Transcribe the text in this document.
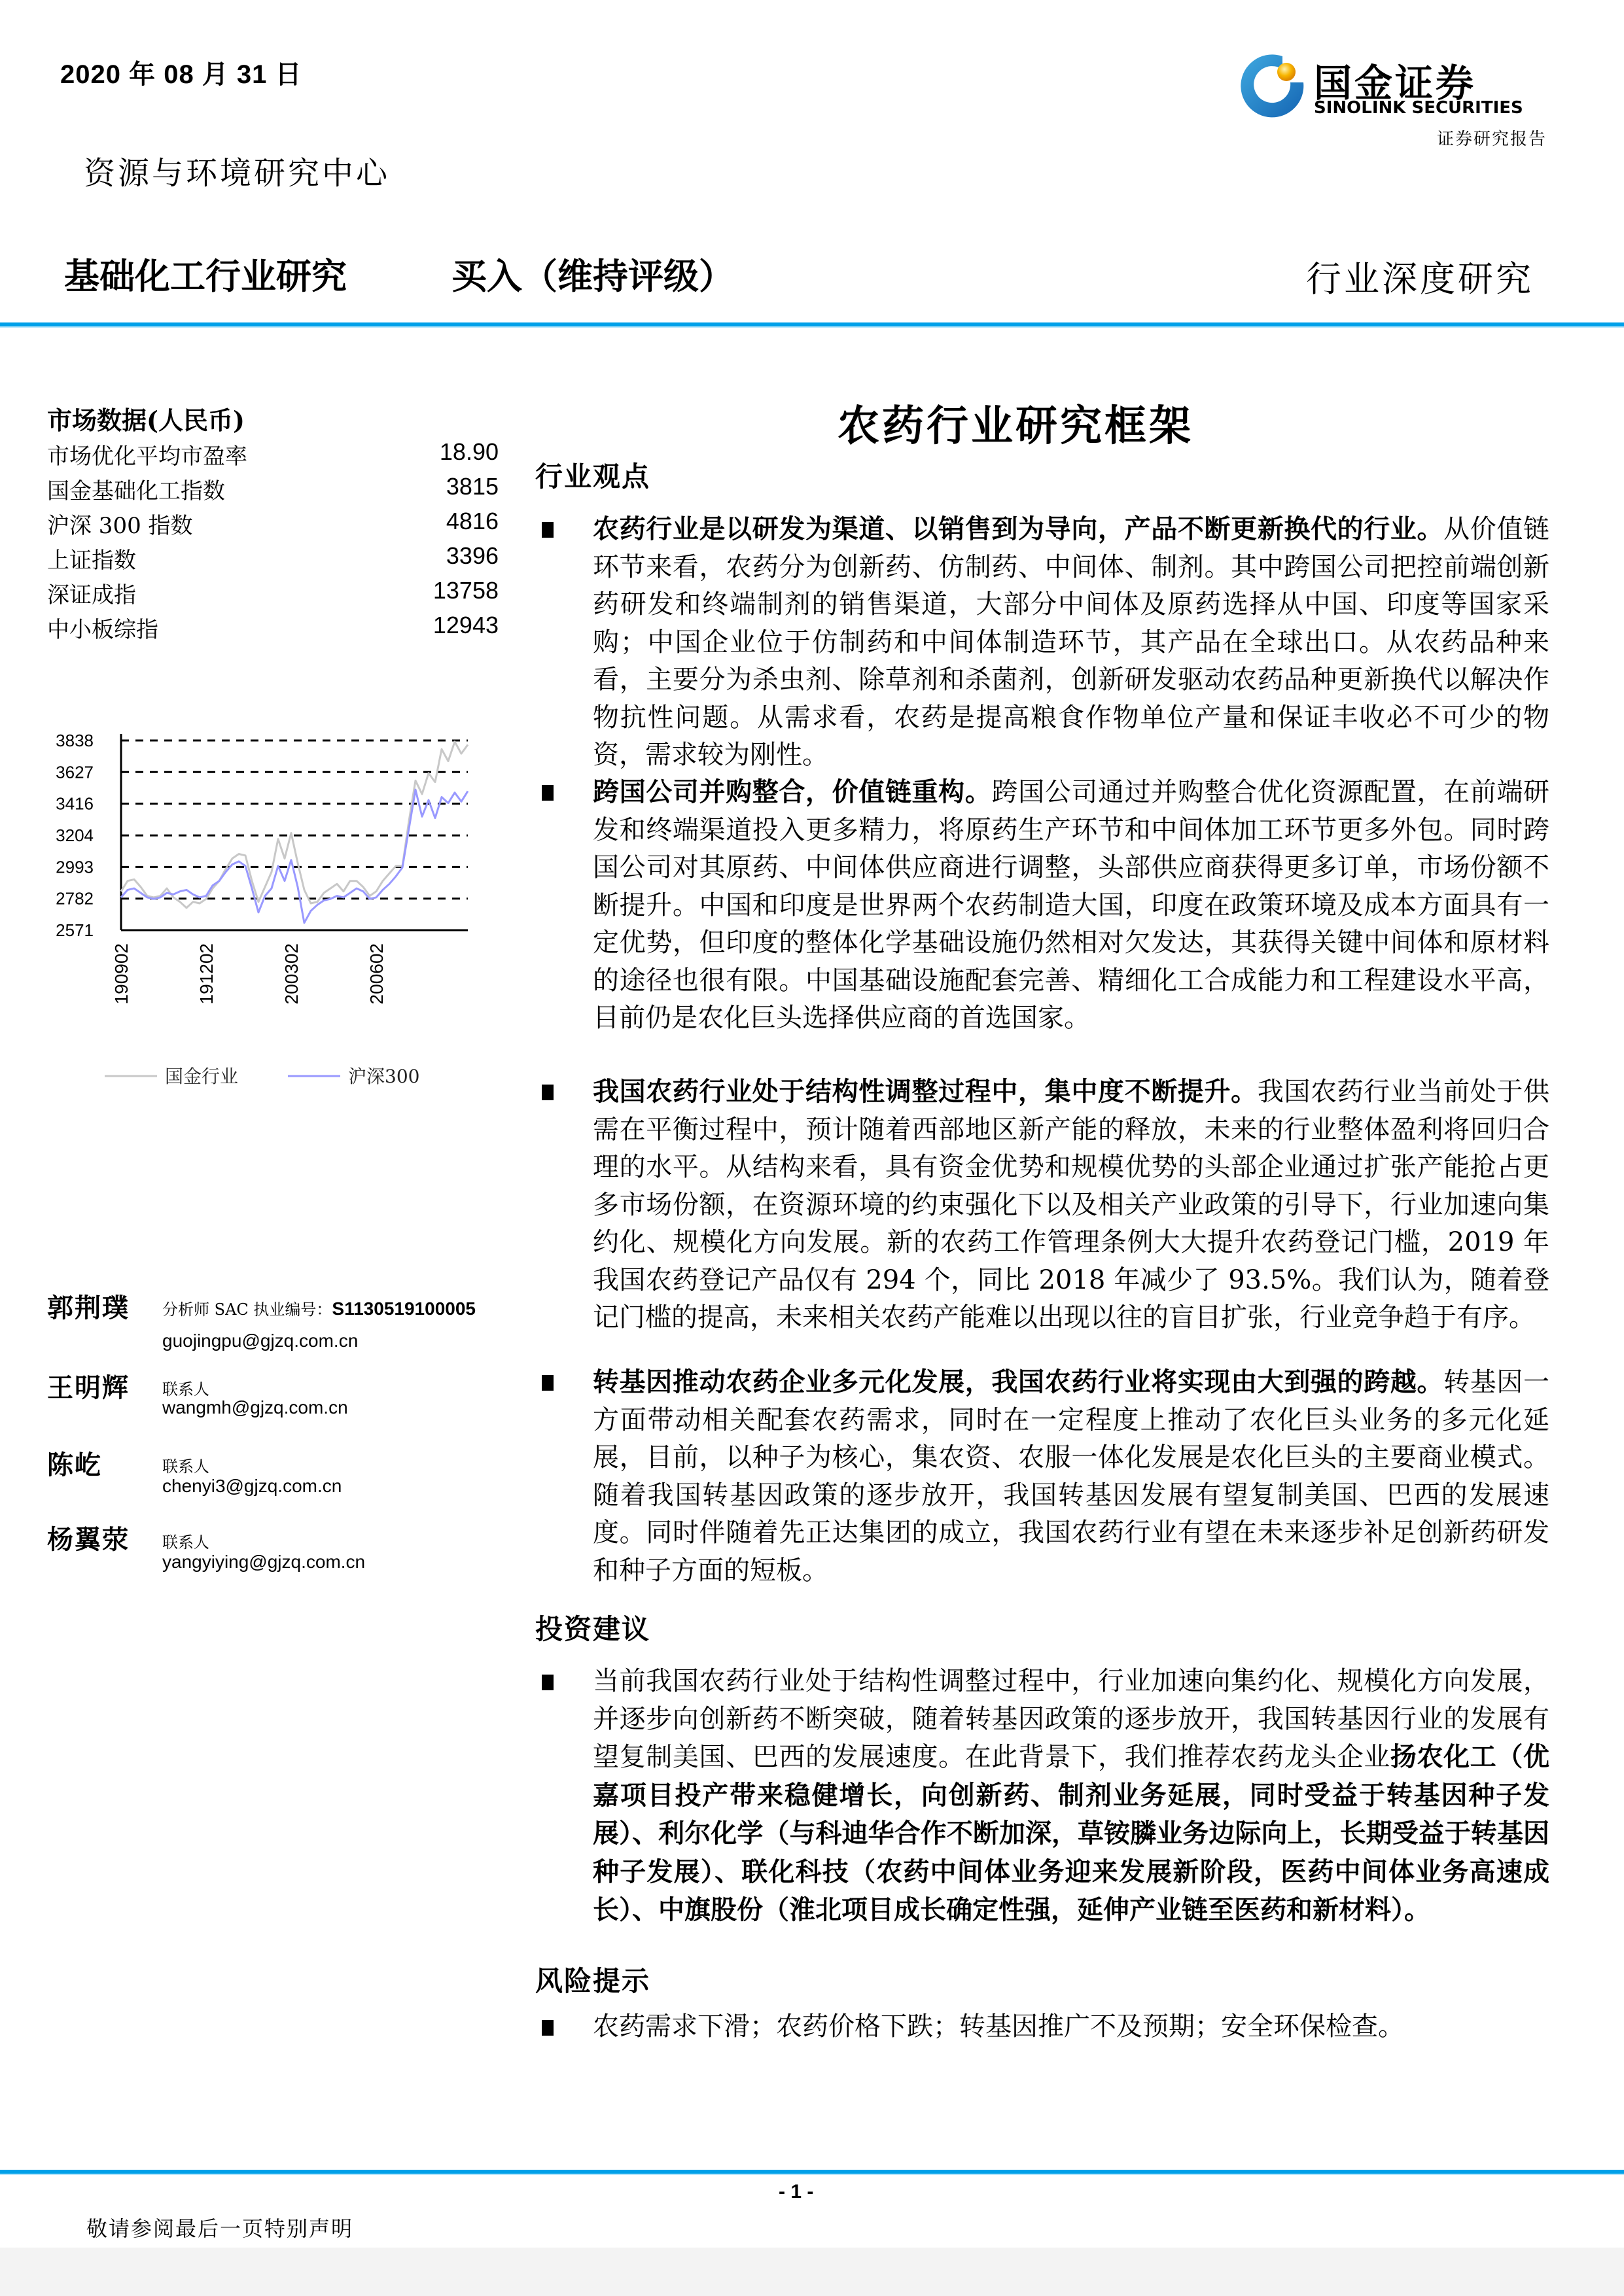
2020 年 08 月 31 日
资源与环境研究中心
基础化工行业研究	买入（维持评级）	行业深度研究
国金证券
SINOLINK SECURITIES
证券研究报告
市场数据(人民币)
市场优化平均市盈率	18.90
国金基础化工指数	3815
沪深 300 指数	4816
上证指数	3396
深证成指	13758
中小板综指	12943
3838
3627
3416
3204
2993
2782
2571
190902	191202	200302	200602
国金行业	沪深300
郭荆璞 分析师 SAC 执业编号：S1130519100005
guojingpu@gjzq.com.cn
王明辉 联系人
wangmh@gjzq.com.cn
陈屹	联系人
chenyi3@gjzq.com.cn
杨翼荥 联系人
yangyiying@gjzq.com.cn
农药行业研究框架
行业观点
农药行业是以研发为渠道、以销售到为导向，产品不断更新换代的行业。从价值链环节来看，农药分为创新药、仿制药、中间体、制剂。其中跨国公司把控前端创新药研发和终端制剂的销售渠道，大部分中间体及原药选择从中国、印度等国家采购；中国企业位于仿制药和中间体制造环节，其产品在全球出口。从农药品种来看，主要分为杀虫剂、除草剂和杀菌剂，创新研发驱动农药品种更新换代以解决作物抗性问题。从需求看，农药是提高粮食作物单位产量和保证丰收必不可少的物资，需求较为刚性。
跨国公司并购整合，价值链重构。跨国公司通过并购整合优化资源配置，在前端研发和终端渠道投入更多精力，将原药生产环节和中间体加工环节更多外包。同时跨国公司对其原药、中间体供应商进行调整，头部供应商获得更多订单，市场份额不断提升。中国和印度是世界两个农药制造大国，印度在政策环境及成本方面具有一定优势，但印度的整体化学基础设施仍然相对欠发达，其获得关键中间体和原材料的途径也很有限。中国基础设施配套完善、精细化工合成能力和工程建设水平高，目前仍是农化巨头选择供应商的首选国家。
我国农药行业处于结构性调整过程中，集中度不断提升。我国农药行业当前处于供需在平衡过程中，预计随着西部地区新产能的释放，未来的行业整体盈利将回归合理的水平。从结构来看，具有资金优势和规模优势的头部企业通过扩张产能抢占更多市场份额，在资源环境的约束强化下以及相关产业政策的引导下，行业加速向集约化、规模化方向发展。新的农药工作管理条例大大提升农药登记门槛，2019 年我国农药登记产品仅有 294 个，同比 2018 年减少了 93.5%。我们认为，随着登记门槛的提高，未来相关农药产能难以出现以往的盲目扩张，行业竞争趋于有序。
转基因推动农药企业多元化发展，我国农药行业将实现由大到强的跨越。转基因一方面带动相关配套农药需求，同时在一定程度上推动了农化巨头业务的多元化延展，目前，以种子为核心，集农资、农服一体化发展是农化巨头的主要商业模式。随着我国转基因政策的逐步放开，我国转基因发展有望复制美国、巴西的发展速度。同时伴随着先正达集团的成立，我国农药行业有望在未来逐步补足创新药研发和种子方面的短板。
投资建议
当前我国农药行业处于结构性调整过程中，行业加速向集约化、规模化方向发展，并逐步向创新药不断突破，随着转基因政策的逐步放开，我国转基因行业的发展有望复制美国、巴西的发展速度。在此背景下，我们推荐农药龙头企业扬农化工（优嘉项目投产带来稳健增长，向创新药、制剂业务延展，同时受益于转基因种子发展）、利尔化学（与科迪华合作不断加深，草铵膦业务边际向上，长期受益于转基因种子发展）、联化科技（农药中间体业务迎来发展新阶段，医药中间体业务高速成长）、中旗股份（淮北项目成长确定性强，延伸产业链至医药和新材料）。
风险提示
农药需求下滑；农药价格下跌；转基因推广不及预期；安全环保检查。
- 1 -
敬请参阅最后一页特别声明
